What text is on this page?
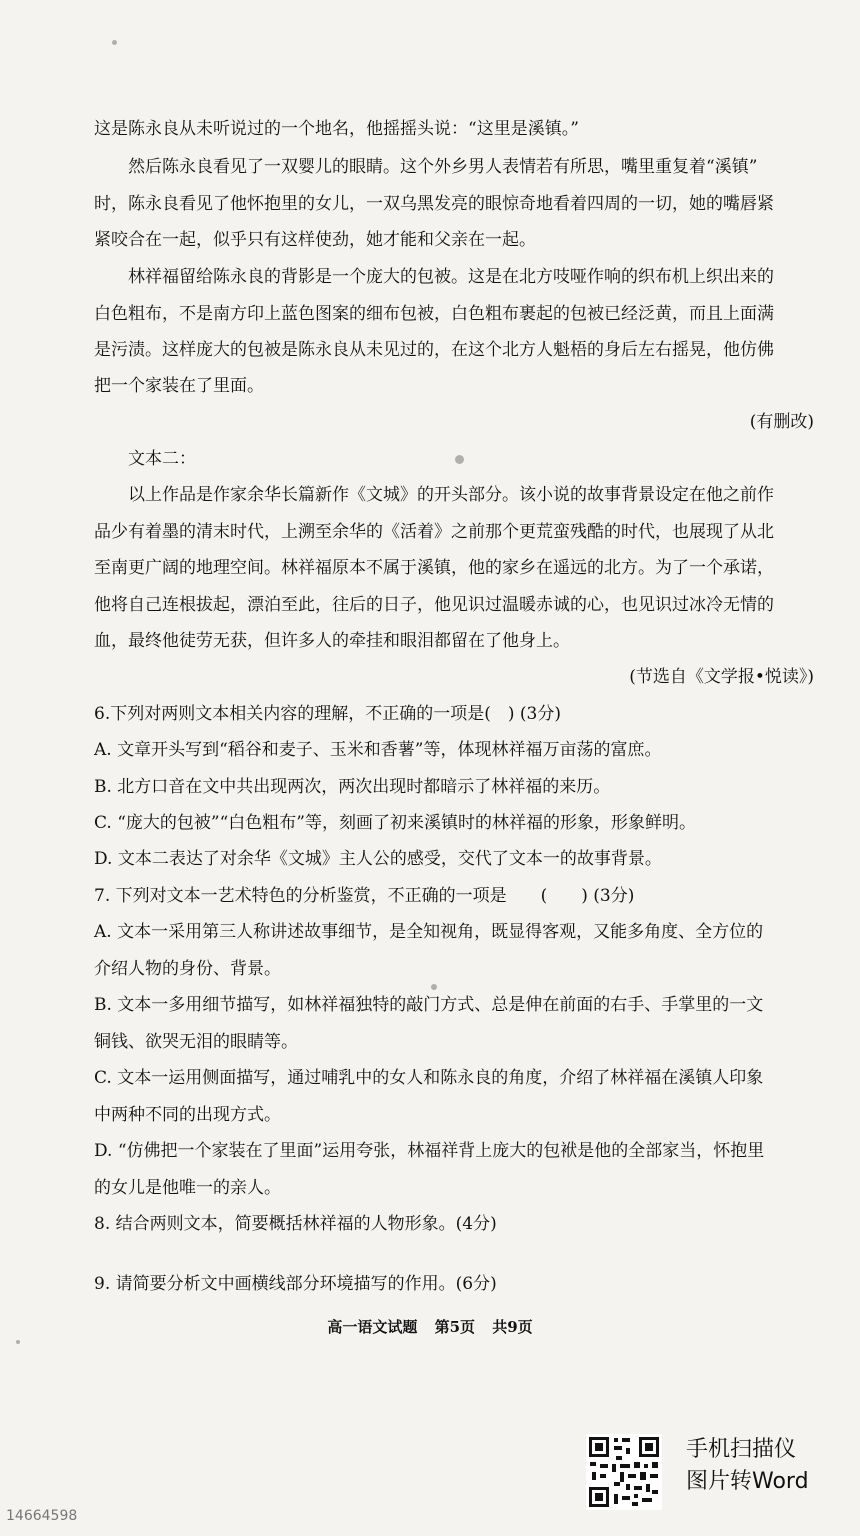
这是陈永良从未听说过的一个地名，他摇摇头说：“这里是溪镇。”
然后陈永良看见了一双婴儿的眼睛。这个外乡男人表情若有所思，嘴里重复着“溪镇”
时，陈永良看见了他怀抱里的女儿，一双乌黑发亮的眼惊奇地看着四周的一切，她的嘴唇紧
紧咬合在一起，似乎只有这样使劲，她才能和父亲在一起。
林祥福留给陈永良的背影是一个庞大的包被。这是在北方吱哑作响的织布机上织出来的
白色粗布，不是南方印上蓝色图案的细布包被，白色粗布裹起的包被已经泛黄，而且上面满
是污渍。这样庞大的包被是陈永良从未见过的，在这个北方人魁梧的身后左右摇晃，他仿佛
把一个家装在了里面。
(有删改)
文本二：
以上作品是作家余华长篇新作《文城》的开头部分。该小说的故事背景设定在他之前作
品少有着墨的清末时代，上溯至余华的《活着》之前那个更荒蛮残酷的时代，也展现了从北
至南更广阔的地理空间。林祥福原本不属于溪镇，他的家乡在遥远的北方。为了一个承诺，
他将自己连根拔起，漂泊至此，往后的日子，他见识过温暖赤诚的心，也见识过冰冷无情的
血，最终他徒劳无获，但许多人的牵挂和眼泪都留在了他身上。
(节选自《文学报•悦读》)
6.下列对两则文本相关内容的理解，不正确的一项是(　) (3分)
A. 文章开头写到“稻谷和麦子、玉米和香薯”等，体现林祥福万亩荡的富庶。
B. 北方口音在文中共出现两次，两次出现时都暗示了林祥福的来历。
C. “庞大的包被”“白色粗布”等，刻画了初来溪镇时的林祥福的形象，形象鲜明。
D. 文本二表达了对余华《文城》主人公的感受，交代了文本一的故事背景。
7. 下列对文本一艺术特色的分析鉴赏，不正确的一项是　　(　　) (3分)
A. 文本一采用第三人称讲述故事细节，是全知视角，既显得客观，又能多角度、全方位的
介绍人物的身份、背景。
B. 文本一多用细节描写，如林祥福独特的敲门方式、总是伸在前面的右手、手掌里的一文
铜钱、欲哭无泪的眼睛等。
C. 文本一运用侧面描写，通过哺乳中的女人和陈永良的角度，介绍了林祥福在溪镇人印象
中两种不同的出现方式。
D. “仿佛把一个家装在了里面”运用夸张，林福祥背上庞大的包袱是他的全部家当，怀抱里
的女儿是他唯一的亲人。
8. 结合两则文本，简要概括林祥福的人物形象。(4分)
9. 请简要分析文中画横线部分环境描写的作用。(6分)
高一语文试题 第5页 共9页
手机扫描仪
图片转Word
14664598
